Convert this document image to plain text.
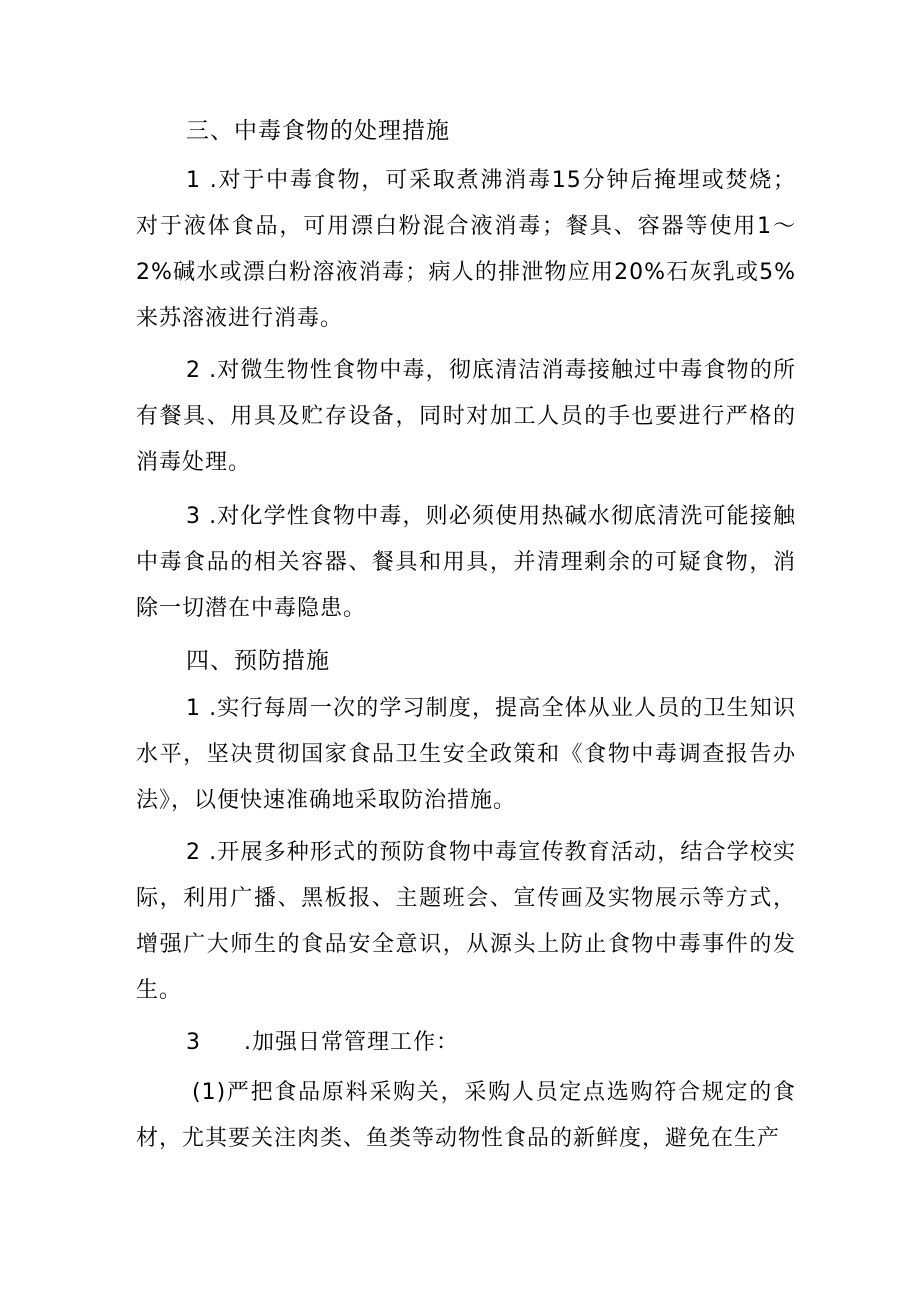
三、中毒食物的处理措施

1 .对于中毒食物，可采取煮沸消毒15分钟后掩埋或焚烧；对于液体食品，可用漂白粉混合液消毒；餐具、容器等使用1〜2%碱水或漂白粉溶液消毒；病人的排泄物应用20%石灰乳或5%来苏溶液进行消毒。

2 .对微生物性食物中毒，彻底清洁消毒接触过中毒食物的所有餐具、用具及贮存设备，同时对加工人员的手也要进行严格的消毒处理。

3 .对化学性食物中毒，则必须使用热碱水彻底清洗可能接触中毒食品的相关容器、餐具和用具，并清理剩余的可疑食物，消除一切潜在中毒隐患。

四、预防措施

1 .实行每周一次的学习制度，提高全体从业人员的卫生知识水平，坚决贯彻国家食品卫生安全政策和《食物中毒调查报告办法》，以便快速准确地采取防治措施。

2 .开展多种形式的预防食物中毒宣传教育活动，结合学校实际，利用广播、黑板报、主题班会、宣传画及实物展示等方式，增强广大师生的食品安全意识，从源头上防止食物中毒事件的发生。

3 .加强日常管理工作：

(1)严把食品原料采购关，采购人员定点选购符合规定的食材，尤其要关注肉类、鱼类等动物性食品的新鲜度，避免在生产
